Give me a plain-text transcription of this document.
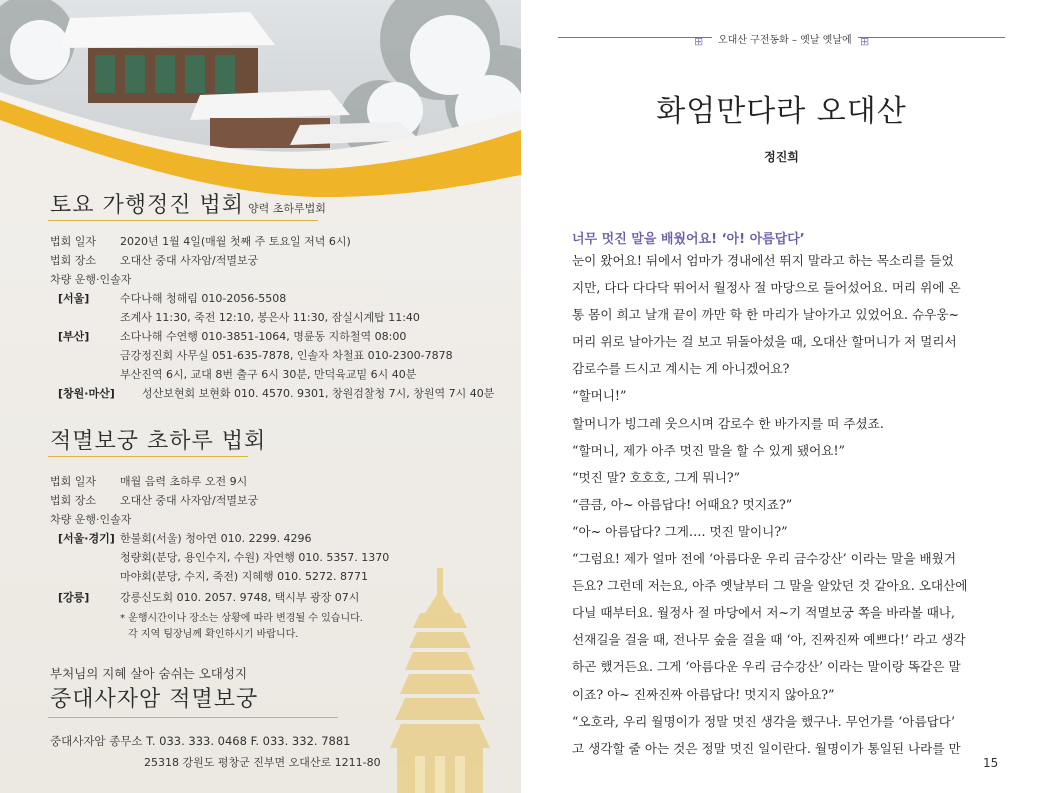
토요 가행정진 법회 양력 초하루법회
법회 일자	2020년 1월 4일(매월 첫째 주 토요일 저녁 6시)
법회 장소	오대산 중대 사자암/적멸보궁
차량 운행·인솔자
[서울]	수다나해 청해림 010-2056-5508
조계사 11:30, 죽전 12:10, 봉은사 11:30, 잠실시계탑 11:40
[부산]	소다나해 수연행 010-3851-1064, 명륜동 지하철역 08:00
금강정진회 사무실 051-635-7878, 인솔자 차철표 010-2300-7878
부산진역 6시, 교대 8번 출구 6시 30분, 만덕육교밑 6시 40분
[창원·마산] 성산보현회 보현화 010. 4570. 9301, 창원검찰청 7시, 창원역 7시 40분
적멸보궁 초하루 법회
법회 일자	매월 음력 초하루 오전 9시
법회 장소	오대산 중대 사자암/적멸보궁
차량 운행·인솔자
[서울·경기] 한불회(서울) 청아연 010. 2299. 4296
청량회(분당, 용인수지, 수원) 자연행 010. 5357. 1370
마야회(분당, 수지, 죽전) 지혜행 010. 5272. 8771
[강릉]	강릉신도회 010. 2057. 9748, 택시부 광장 07시
* 운행시간이나 장소는 상황에 따라 변경될 수 있습니다.
각 지역 팀장님께 확인하시기 바랍니다.
부처님의 지혜 살아 숨쉬는 오대성지
중대사자암 적멸보궁
중대사자암 종무소 T. 033. 333. 0468 F. 033. 332. 7881
25318 강원도 평창군 진부면 오대산로 1211-80
⊞	오대산 구전동화 – 옛날 옛날에 ⊞
화엄만다라 오대산
정진희
너무 멋진 말을 배웠어요! ‘아! 아름답다’
눈이 왔어요! 뒤에서 엄마가 경내에선 뛰지 말라고 하는 목소리를 들었
지만, 다다 다다닥 뛰어서 월정사 절 마당으로 들어섰어요. 머리 위에 온
통 몸이 희고 날개 끝이 까만 학 한 마리가 날아가고 있었어요. 슈우웅~
머리 위로 날아가는 걸 보고 뒤돌아섰을 때, 오대산 할머니가 저 멀리서
감로수를 드시고 계시는 게 아니겠어요?
“할머니!”
할머니가 빙그레 웃으시며 감로수 한 바가지를 떠 주셨죠.
“할머니, 제가 아주 멋진 말을 할 수 있게 됐어요!”
“멋진 말? 호호호, 그게 뭐니?”
“큼큼, 아~ 아름답다! 어때요? 멋지죠?”
“아~ 아름답다? 그게…. 멋진 말이니?”
“그럼요! 제가 얼마 전에 ‘아름다운 우리 금수강산’ 이라는 말을 배웠거
든요? 그런데 저는요, 아주 옛날부터 그 말을 알았던 것 같아요. 오대산에
다닐 때부터요. 월정사 절 마당에서 저~기 적멸보궁 쪽을 바라볼 때나,
선재길을 걸을 때, 전나무 숲을 걸을 때 ‘아, 진짜진짜 예쁘다!’ 라고 생각
하곤 했거든요. 그게 ‘아름다운 우리 금수강산’ 이라는 말이랑 똑같은 말
이죠? 아~ 진짜진짜 아름답다! 멋지지 않아요?”
“오호라, 우리 월명이가 정말 멋진 생각을 했구나. 무언가를 ‘아름답다’
고 생각할 줄 아는 것은 정말 멋진 일이란다. 월명이가 통일된 나라를 만
15
